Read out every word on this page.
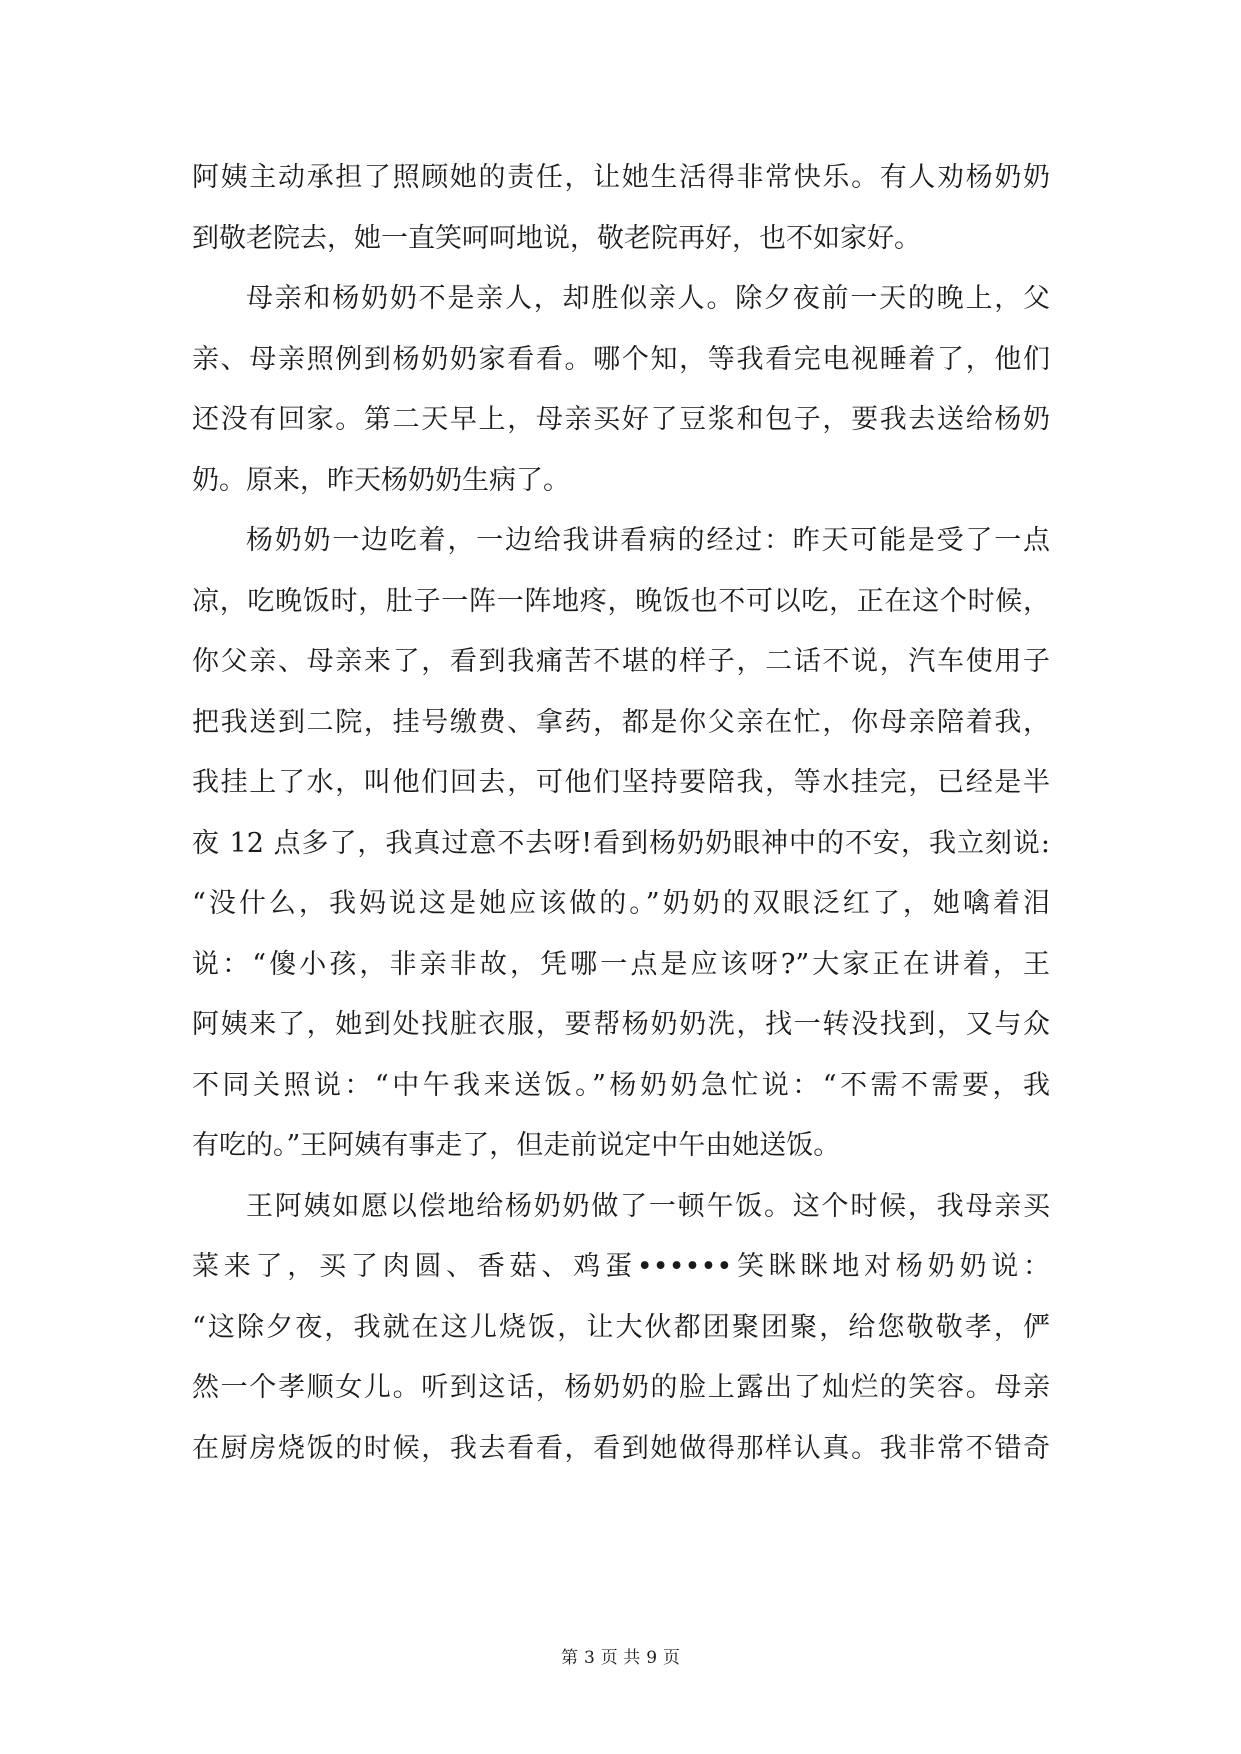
阿姨主动承担了照顾她的责任，让她生活得非常快乐。有人劝杨奶奶
到敬老院去，她一直笑呵呵地说，敬老院再好，也不如家好。
母亲和杨奶奶不是亲人，却胜似亲人。除夕夜前一天的晚上，父
亲、母亲照例到杨奶奶家看看。哪个知，等我看完电视睡着了，他们
还没有回家。第二天早上，母亲买好了豆浆和包子，要我去送给杨奶
奶。原来，昨天杨奶奶生病了。
杨奶奶一边吃着，一边给我讲看病的经过：昨天可能是受了一点
凉，吃晚饭时，肚子一阵一阵地疼，晚饭也不可以吃，正在这个时候，
你父亲、母亲来了，看到我痛苦不堪的样子，二话不说，汽车使用子
把我送到二院，挂号缴费、拿药，都是你父亲在忙，你母亲陪着我，
我挂上了水，叫他们回去，可他们坚持要陪我，等水挂完，已经是半
夜 12 点多了，我真过意不去呀!看到杨奶奶眼神中的不安，我立刻说:
“没什么，我妈说这是她应该做的。”奶奶的双眼泛红了，她噙着泪
说：“傻小孩，非亲非故，凭哪一点是应该呀?”大家正在讲着，王
阿姨来了，她到处找脏衣服，要帮杨奶奶洗，找一转没找到，又与众
不同关照说：“中午我来送饭。”杨奶奶急忙说：“不需不需要，我
有吃的。”王阿姨有事走了，但走前说定中午由她送饭。
王阿姨如愿以偿地给杨奶奶做了一顿午饭。这个时候，我母亲买
菜来了，买了肉圆、香菇、鸡蛋••••••笑眯眯地对杨奶奶说：
“这除夕夜，我就在这儿烧饭，让大伙都团聚团聚，给您敬敬孝，俨
然一个孝顺女儿。听到这话，杨奶奶的脸上露出了灿烂的笑容。母亲
在厨房烧饭的时候，我去看看，看到她做得那样认真。我非常不错奇
第 3 页 共 9 页
